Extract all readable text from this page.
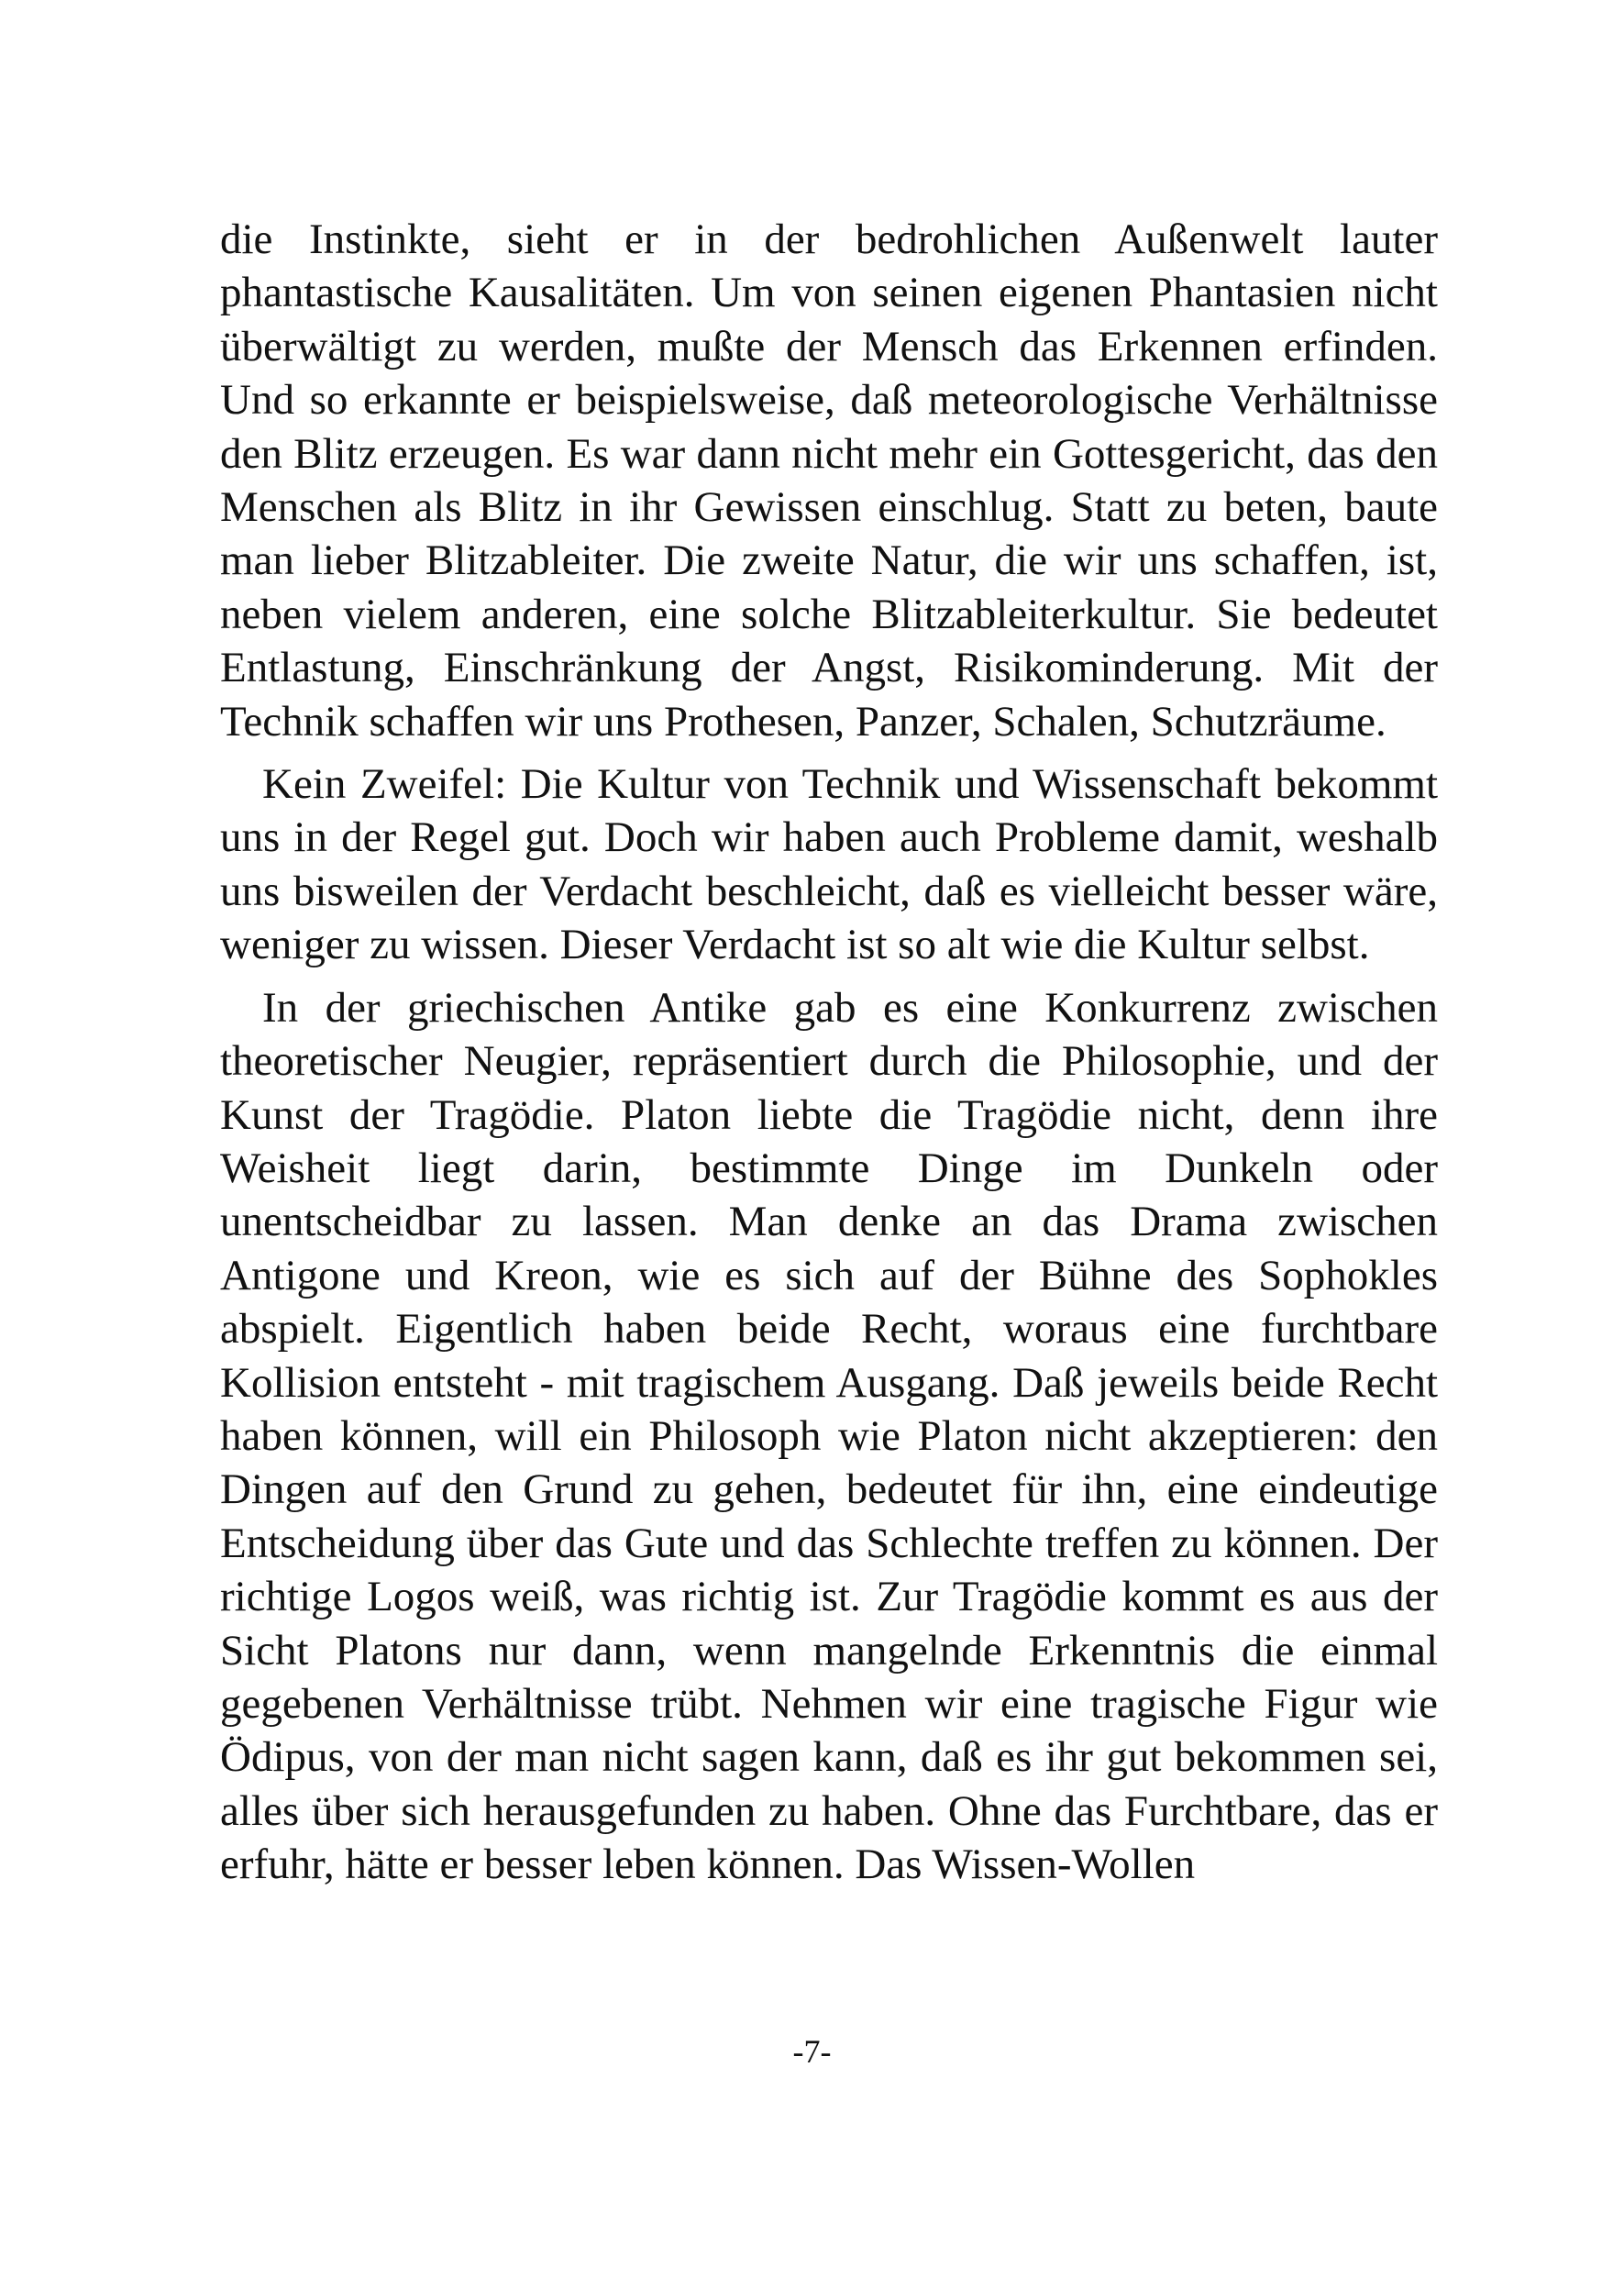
die Instinkte, sieht er in der bedrohlichen Außenwelt lauter phantastische Kausalitäten. Um von seinen eigenen Phantasien nicht überwältigt zu werden, mußte der Mensch das Erkennen erfinden. Und so erkannte er beispielsweise, daß meteorologische Verhältnisse den Blitz erzeugen. Es war dann nicht mehr ein Gottesgericht, das den Menschen als Blitz in ihr Gewissen einschlug. Statt zu beten, baute man lieber Blitzableiter. Die zweite Natur, die wir uns schaffen, ist, neben vielem anderen, eine solche Blitzableiterkultur. Sie bedeutet Entlastung, Einschränkung der Angst, Risikominderung. Mit der Technik schaffen wir uns Prothesen, Panzer, Schalen, Schutzräume.

Kein Zweifel: Die Kultur von Technik und Wissenschaft bekommt uns in der Regel gut. Doch wir haben auch Probleme damit, weshalb uns bisweilen der Verdacht beschleicht, daß es vielleicht besser wäre, weniger zu wissen. Dieser Verdacht ist so alt wie die Kultur selbst.

In der griechischen Antike gab es eine Konkurrenz zwischen theoretischer Neugier, repräsentiert durch die Philosophie, und der Kunst der Tragödie. Platon liebte die Tragödie nicht, denn ihre Weisheit liegt darin, bestimmte Dinge im Dunkeln oder unentscheidbar zu lassen. Man denke an das Drama zwischen Antigone und Kreon, wie es sich auf der Bühne des Sophokles abspielt. Eigentlich haben beide Recht, woraus eine furchtbare Kollision entsteht - mit tragischem Ausgang. Daß jeweils beide Recht haben können, will ein Philosoph wie Platon nicht akzeptieren: den Dingen auf den Grund zu gehen, bedeutet für ihn, eine eindeutige Entscheidung über das Gute und das Schlechte treffen zu können. Der richtige Logos weiß, was richtig ist. Zur Tragödie kommt es aus der Sicht Platons nur dann, wenn mangelnde Erkenntnis die einmal gegebenen Verhältnisse trübt. Nehmen wir eine tragische Figur wie Ödipus, von der man nicht sagen kann, daß es ihr gut bekommen sei, alles über sich herausgefunden zu haben. Ohne das Furchtbare, das er erfuhr, hätte er besser leben können. Das Wissen-Wollen

-7-
